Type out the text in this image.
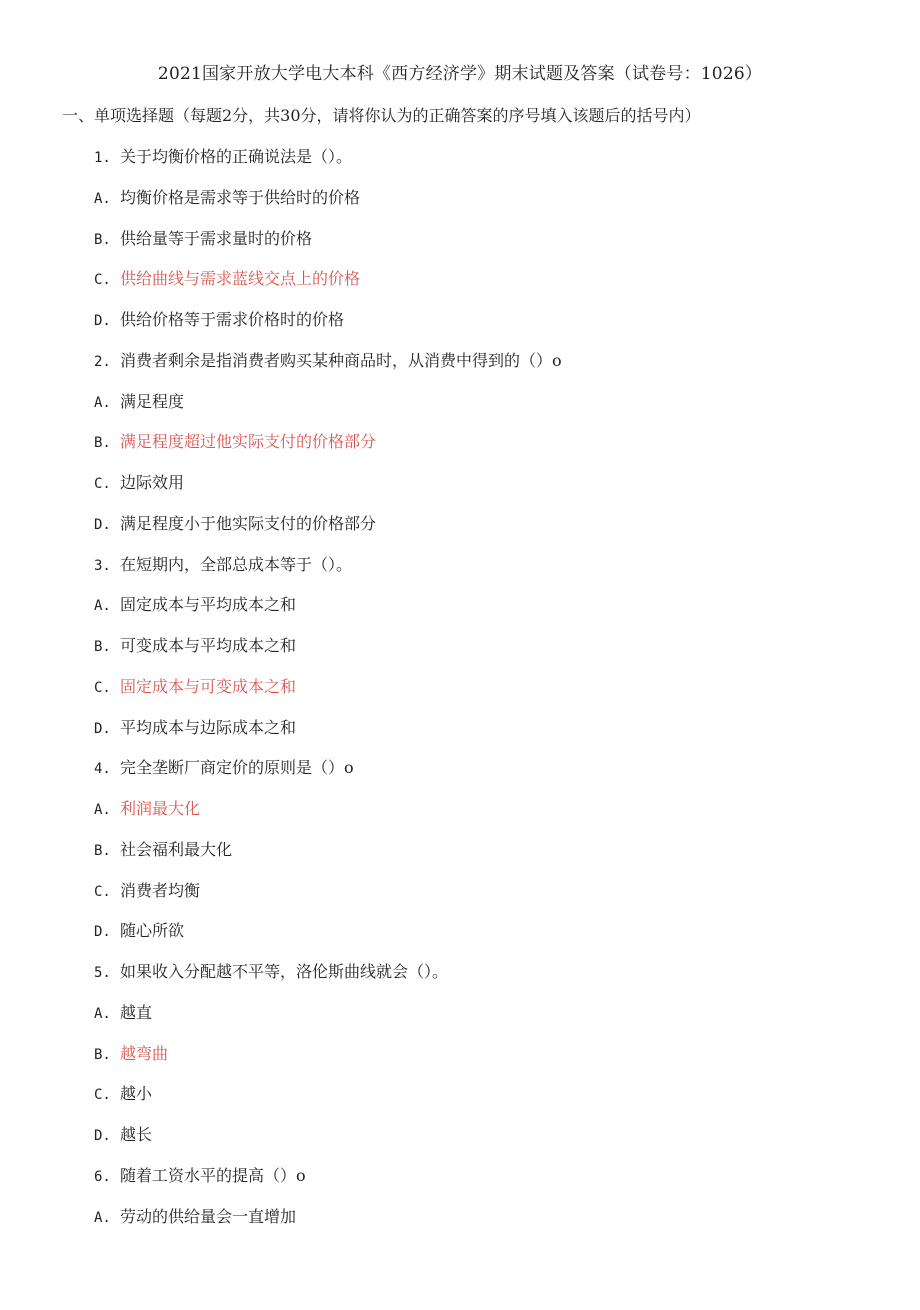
2021国家开放大学电大本科《西方经济学》期末试题及答案（试卷号：1026）
一、单项选择题（每题2分，共30分，请将你认为的正确答案的序号填入该题后的括号内）
1. 关于均衡价格的正确说法是（）。
A. 均衡价格是需求等于供给时的价格
B. 供给量等于需求量时的价格
C. 供给曲线与需求蓝线交点上的价格
D. 供给价格等于需求价格时的价格
2. 消费者剩余是指消费者购买某种商品时，从消费中得到的（）o
A. 满足程度
B. 满足程度超过他实际支付的价格部分
C. 边际效用
D. 满足程度小于他实际支付的价格部分
3. 在短期内，全部总成本等于（）。
A. 固定成本与平均成本之和
B. 可变成本与平均成本之和
C. 固定成本与可变成本之和
D. 平均成本与边际成本之和
4. 完全垄断厂商定价的原则是（）o
A. 利润最大化
B. 社会福利最大化
C. 消费者均衡
D. 随心所欲
5. 如果收入分配越不平等，洛伦斯曲线就会（）。
A. 越直
B. 越弯曲
C. 越小
D. 越长
6. 随着工资水平的提高（）o
A. 劳动的供给量会一直增加
